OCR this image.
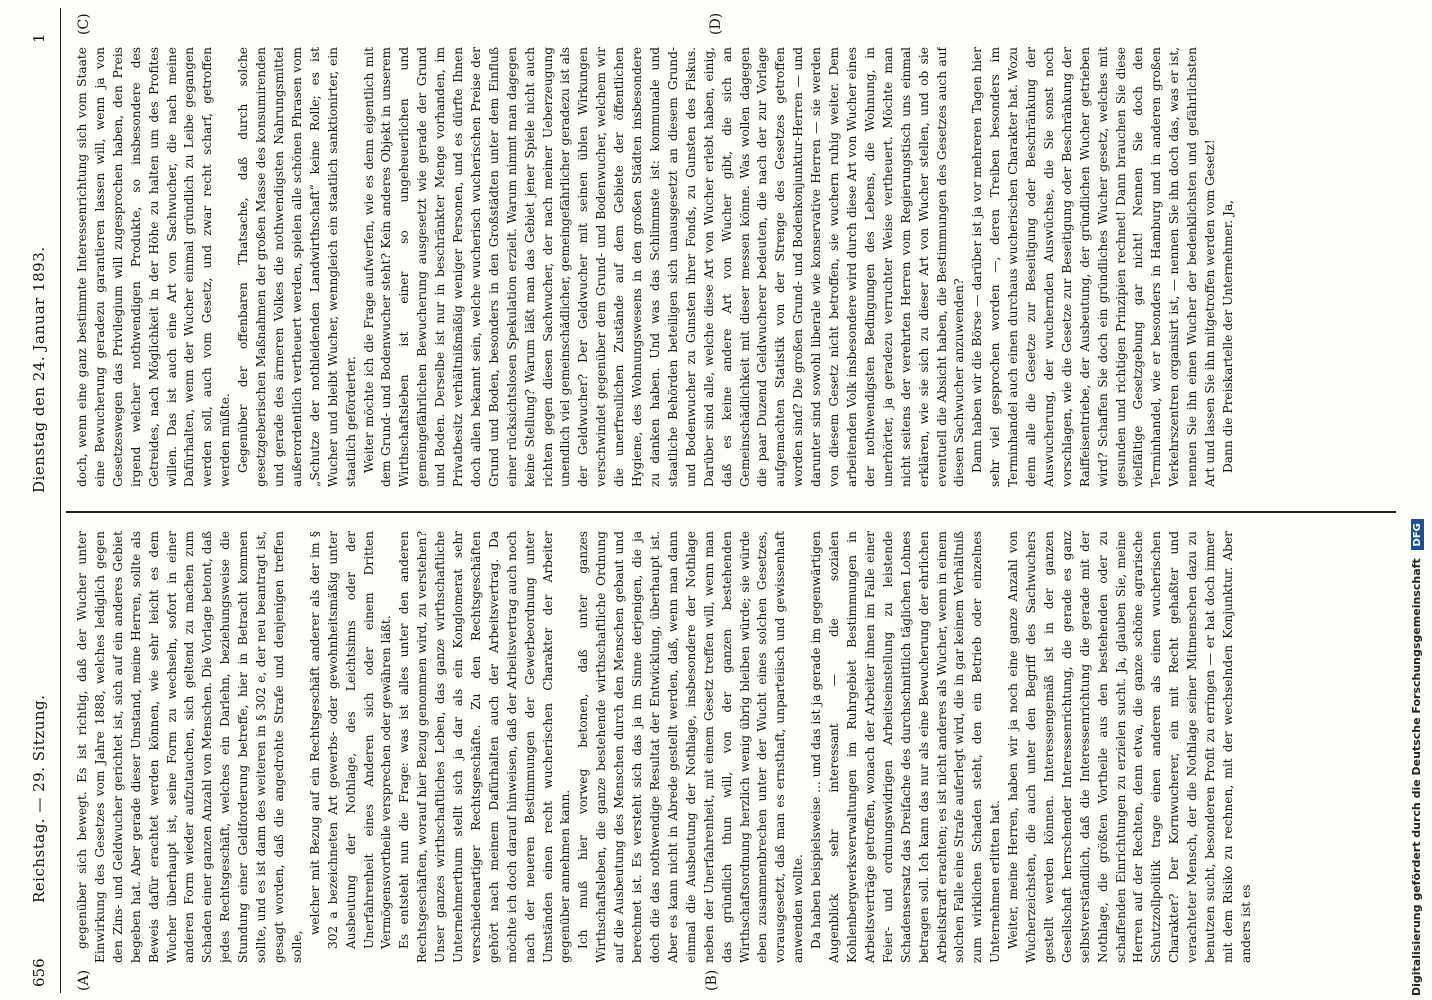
656
Reichstag. — 29. Sitzung.
Dienstag den 24. Januar 1893.
1
(A)	(B)
(C)	(D)

gegenüber sich bewegt. Es ist richtig, daß der Wucher unter Einwirkung des Gesetzes vom Jahre 1888, welches lediglich gegen den Zins- und Geldwucher gerichtet ist, sich auf ein anderes Gebiet begeben hat. Aber gerade dieser Umstand, meine Herren, sollte als Beweis dafür erachtet werden können, wie sehr leicht es dem Wucher überhaupt ist, seine Form zu wechseln, sofort in einer anderen Form wieder aufzutauchen, sich geltend zu machen zum Schaden einer ganzen Anzahl von Menschen. Die Vorlage betont, daß jedes Rechtsgeschäft, welches ein Darlehn, beziehungsweise die Stundung einer Geldforderung betreffe, hier in Betracht kommen sollte, und es ist dann des weiteren in § 302 e, der neu beantragt ist, gesagt worden, daß die angedrohte Strafe und denjenigen treffen solle,

welcher mit Bezug auf ein Rechtsgeschäft anderer als der im § 302 a bezeichneten Art gewerbs- oder gewohnheitsmäßig unter Ausbeutung der Nothlage, des Leichtsinns oder der Unerfahrenheit eines Anderen sich oder einem Dritten Vermögensvortheile versprechen oder gewähren läßt. Es entsteht nun die Frage: was ist alles unter den anderen Rechtsgeschäften, worauf hier Bezug genommen wird, zu verstehen? Unser ganzes wirthschaftliches Leben, das ganze wirthschaftliche Unternehmerthum stellt sich ja dar als ein Konglomerat sehr verschiedenartiger Rechtsgeschäfte. Zu den Rechtsgeschäften gehört nach meinem Dafürhalten auch der Arbeitsvertrag. Da möchte ich doch darauf hinweisen, daß der Arbeitsvertrag auch noch nach der neueren Bestimmungen der Gewerbeordnung unter Umständen einen recht wucherischen Charakter der Arbeiter gegenüber annehmen kann. Ich muß hier vorweg betonen, daß unter ganzes Wirthschaftsleben, die ganze bestehende wirthschaftliche Ordnung auf die Ausbeutung des Menschen durch den Menschen gebaut und berechnet ist. Es versteht sich das ja im Sinne derjenigen, die ja doch die das nothwendige Resultat der Entwicklung, überhaupt ist. Aber es kann nicht in Abrede gestellt werden, daß, wenn man dann einmal die Ausbeutung der Nothlage, insbesondere der Nothlage neben der Unerfahrenheit, mit einem Gesetz treffen will, wenn man das gründlich thun will, von der ganzen bestehenden Wirthschaftsordnung herzlich wenig übrig bleiben würde; sie würde eben zusammenbrechen unter der Wucht eines solchen Gesetzes, vorausgesetzt, daß man es ernsthaft, unparteiisch und gewissenhaft anwenden wollte. Da haben beispielsweise ... und das ist ja gerade im gegenwärtigen Augenblick sehr interessant — die sozialen Kohlenbergwerksverwaltungen im Ruhrgebiet Bestimmungen in Arbeitsverträge getroffen, wonach der Arbeiter ihnen im Falle einer Feier- und ordnungswidrigen Arbeitseinstellung zu leistende Schadensersatz das Dreifache des durchschnittlich täglichen Lohnes betragen soll. Ich kann das nur als eine Bewucherung der ehrlichen Arbeitskraft erachten; es ist nicht anderes als Wucher, wenn in einem solchen Falle eine Strafe auferlegt wird, die in gar keinem Verhältniß zum wirklichen Schaden steht, den ein Betrieb oder einzelnes Unternehmen erlitten hat. Weiter, meine Herren, haben wir ja noch eine ganze Anzahl von Wucherzeichsten, die auch unter den Begriff des Sachwuchers gestellt werden können. Interessengemäß ist in der ganzen Gesellschaft herrschender Interessenrichtung, die gerade es ganz selbstverständlich, daß die Interessenrichtung die gerade mit der Nothlage, die größten Vortheile aus den bestehenden oder zu schaffenden Einrichtungen zu erzielen sucht. Ja, glauben Sie, meine Herren auf der Rechten, denn etwa, die ganze schöne agrarische Schutzzollpolitik trage einen anderen als einen wucherischen Charakter? Der Kornwucherer, ein mit Recht gehaßter und verachteter Mensch, der die Nothlage seiner Mitmenschen dazu zu benutzen sucht, besonderen Profit zu erringen — er hat doch immer mit dem Risiko zu rechnen, mit der wechselnden Konjunktur. Aber anders ist es

doch, wenn eine ganz bestimmte Interessenrichtung sich vom Staate eine Bewucherung geradezu garantieren lassen will, wenn ja von Gesetzeswegen das Privilegium will zugesprochen haben, den Preis irgend welcher nothwendigen Produkte, so insbesondere des Getreides, nach Möglichkeit in der Höhe zu halten um des Profites willen. Das ist auch eine Art von Sachwucher, die nach meine Dafürhalten, wenn der Wucher einmal gründlich zu Leibe gegangen werden soll, auch vom Gesetz, und zwar recht scharf, getroffen werden müßte. Gegenüber der offenbaren Thatsache, daß durch solche gesetzgeberischen Maßnahmen der großen Masse des konsumirenden und gerade des ärmeren Volkes die nothwendigsten Nahrungsmittel außerordentlich vertheuert werden, spielen alle schönen Phrasen vom „Schutze der nothleidenden Landwirthschaft“ keine Rolle; es ist Wucher und bleibt Wucher, wenngleich ein staatlich sanktionirter, ein staatlich geförderter. Weiter möchte ich die Frage aufwerfen, wie es denn eigentlich mit dem Grund- und Bodenwucher steht? Kein anderes Objekt in unserem Wirthschaftsleben ist einer so ungeheuerlichen und gemeingefährlichen Bewucherung ausgesetzt wie gerade der Grund und Boden. Derselbe ist nur in beschränkter Menge vorhanden, im Privatbesitz verhältnißmäßig weniger Personen, und es dürfte Ihnen doch allen bekannt sein, welche wucherisch wucherischen Preise der Grund und Boden, besonders in den Großstädten unter dem Einfluß einer rücksichtslosen Spekulation erzielt. Warum nimmt man dagegen keine Stellung? Warum läßt man das Gebiet jener Spiele nicht auch richten gegen diesen Sachwucher, der nach meiner Ueberzeugung unendlich viel gemeinschädlicher, gemeingefährlicher geradezu ist als der Geldwucher? Der Geldwucher mit seinen üblen Wirkungen verschwindet gegenüber dem Grund- und Bodenwucher, welchem wir die unerfreulichen Zustände auf dem Gebiete der öffentlichen Hygiene, des Wohnungswesens in den großen Städten insbesondere zu danken haben. Und was das Schlimmste ist: kommunale und staatliche Behörden beteiligen sich unausgesetzt an diesem Grund- und Bodenwucher zu Gunsten ihrer Fonds, zu Gunsten des Fiskus. Darüber sind alle, welche diese Art von Wucher erlebt haben, einig, daß es keine andere Art von Wucher gibt, die sich an Gemeinschädlichkeit mit dieser messen könne. Was wollen dagegen die paar Duzend Geldwucherer bedeuten, die nach der zur Vorlage aufgemachten Statistik von der Strenge des Gesetzes getroffen worden sind? Die großen Grund- und Bodenkonjunktur-Herren — und darunter sind sowohl liberale wie konservative Herren — sie werden von diesem Gesetz nicht betroffen, sie wuchern ruhig weiter. Dem arbeitenden Volk insbesondere wird durch diese Art von Wucher eines der nothwendigsten Bedingungen des Lebens, die Wohnung, in unerhörter, ja geradezu verruchter Weise vertheuert. Möchte man nicht seitens der verehrten Herren vom Regierungstisch uns einmal erklären, wie sie sich zu dieser Art von Wucher stellen, und ob sie eventuell die Absicht haben, die Bestimmungen des Gesetzes auch auf diesen Sachwucher anzuwenden? Dann haben wir die Börse — darüber ist ja vor mehreren Tagen hier sehr viel gesprochen worden —, deren Treiben besonders im Terminhandel auch einen durchaus wucherischen Charakter hat. Wozu denn alle die Gesetze zur Beseitigung oder Beschränkung der Auswucherung, der wuchernden Auswüchse, die Sie sonst noch vorschlagen, wie die Gesetze zur Beseitigung oder Beschränkung der Raiffeisentriebe, der Ausbeutung, der gründlichen Wucher getrieben wird? Schaffen Sie doch ein gründliches Wucher gesetz, welches mit gesunden und richtigen Prinzipien rechnet! Dann brauchen Sie diese vielfältige Gesetzgebung gar nicht! Nennen Sie doch den Terminhandel, wie er besonders in Hamburg und in anderen großen Verkehrszentren organisirt ist, — nennen Sie ihn doch das, was er ist, nennen Sie ihn einen Wucher der bedenklichsten und gefährlichsten Art und lassen Sie ihn mitgetroffen werden vom Gesetz! Dann die Preiskartelle der Unternehmer. Ja,

Digitalisierung gefördert durch die Deutsche Forschungsgemeinschaft DFG
